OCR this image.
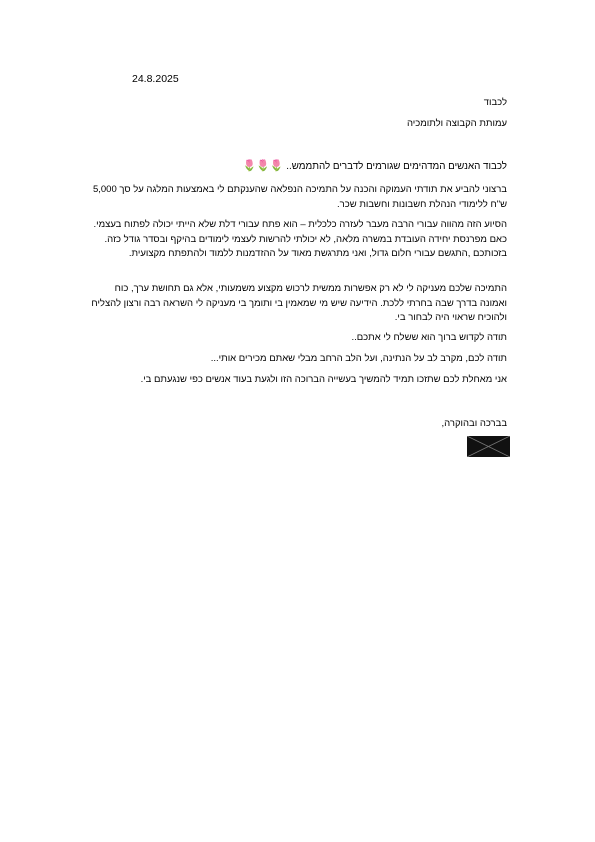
24.8.2025
לכבוד
עמותת הקבוצה ולתומכיה
לכבוד האנשים המדהימים שגורמים לדברים להתממש.. 🌷🌷🌷
ברצוני להביע את תודתי העמוקה והכנה על התמיכה הנפלאה שהענקתם לי באמצעות המלגה על סך 5,000 ש"ח ללימודי הנהלת חשבונות וחשבות שכר.
הסיוע הזה מהווה עבורי הרבה מעבר לעזרה כלכלית – הוא פתח עבורי דלת שלא הייתי יכולה לפתוח בעצמי. כאם מפרנסת יחידה העובדת במשרה מלאה, לא יכולתי להרשות לעצמי לימודים בהיקף ובסדר גודל כזה. בזכותכם ,התגשם עבורי חלום גדול, ואני מתרגשת מאוד על ההזדמנות ללמוד ולהתפתח מקצועית.
התמיכה שלכם מעניקה לי לא רק אפשרות ממשית לרכוש מקצוע משמעותי, אלא גם תחושת ערך, כוח ואמונה בדרך שבה בחרתי ללכת. הידיעה שיש מי שמאמין בי ותומך בי מעניקה לי השראה רבה ורצון להצליח ולהוכיח שראוי היה לבחור בי.
תודה לקדוש ברוך הוא ששלח לי אתכם..
תודה לכם, מקרב לב על הנתינה, ועל הלב הרחב מבלי שאתם מכירים אותי...
אני מאחלת לכם שתזכו תמיד להמשיך בעשייה הברוכה הזו ולגעת בעוד אנשים כפי שנגעתם בי.
בברכה ובהוקרה,
